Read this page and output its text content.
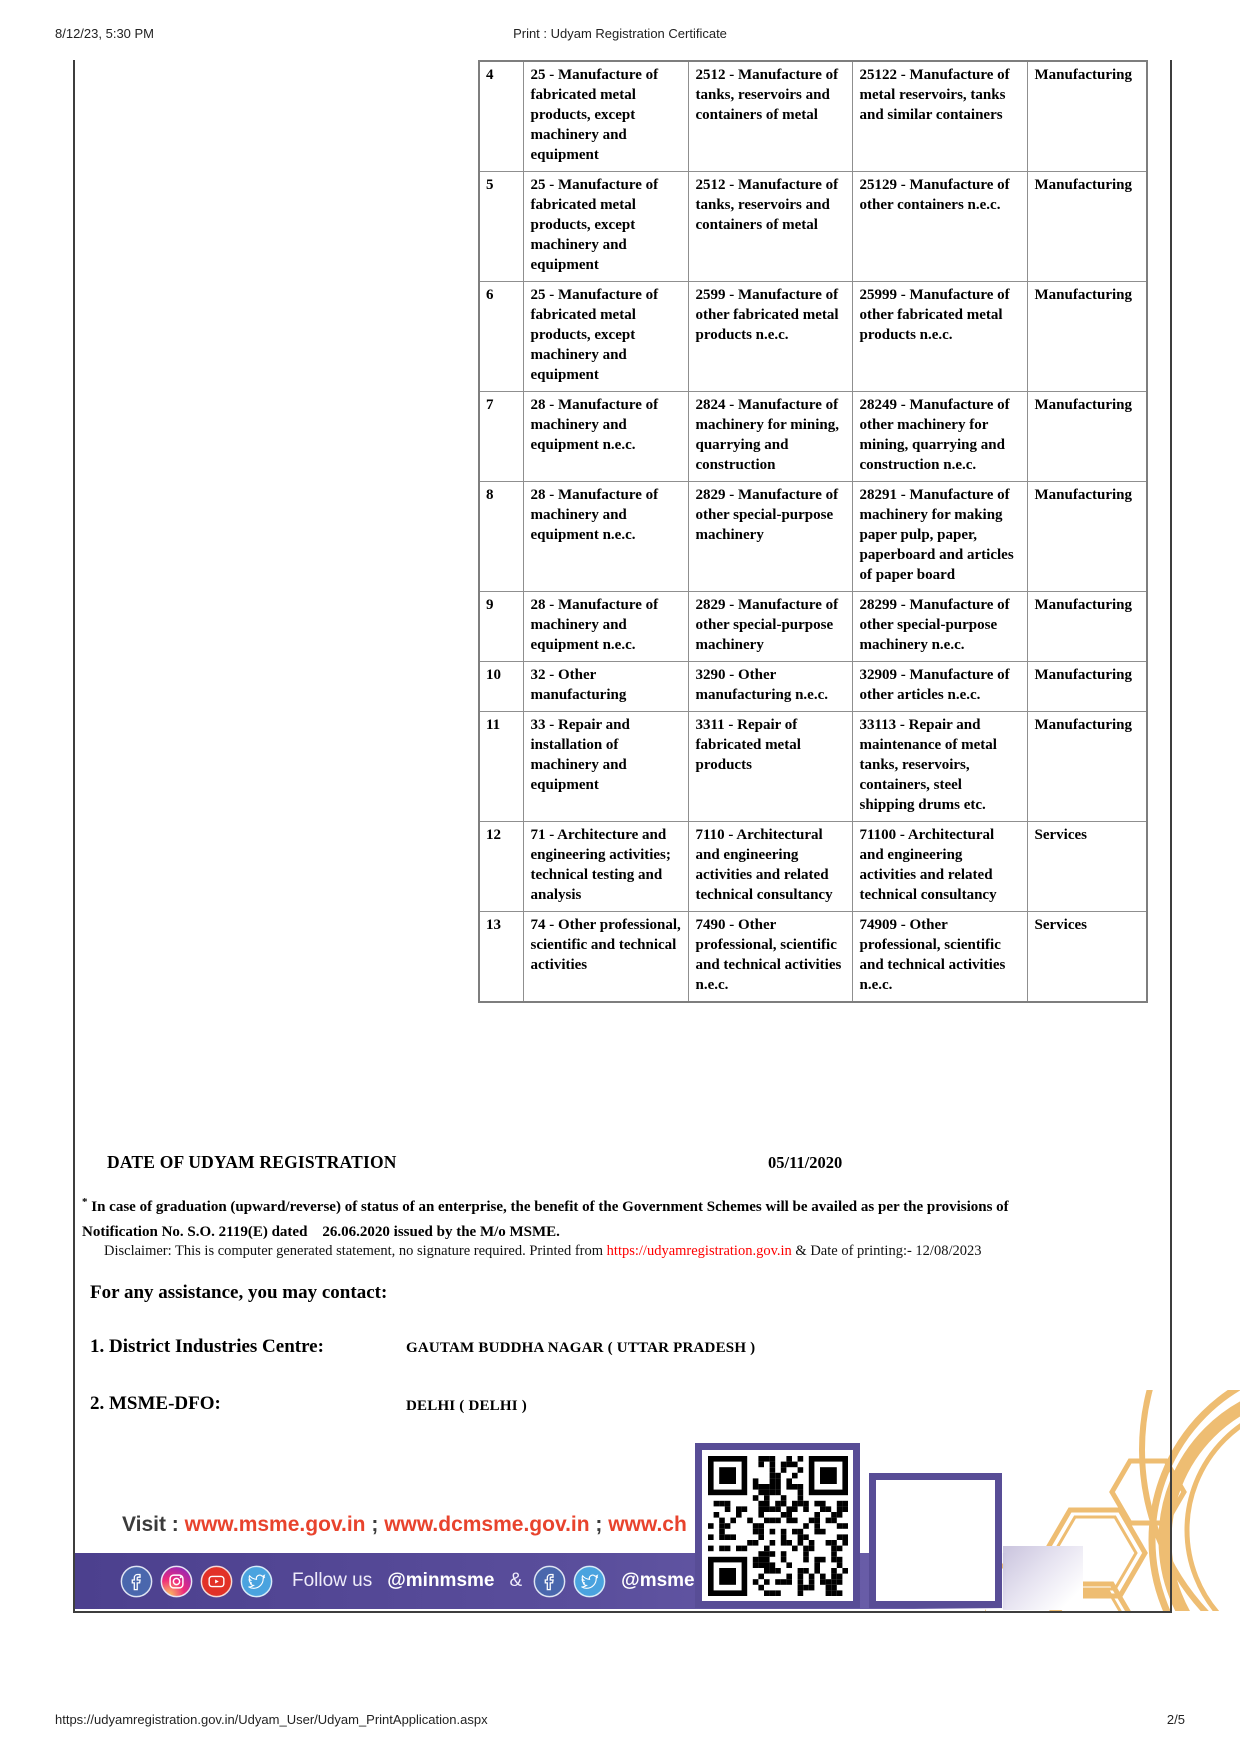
8/12/23, 5:30 PM	Print : Udyam Registration Certificate
4	25 - Manufacture of fabricated metal products, except machinery and equipment	2512 - Manufacture of tanks, reservoirs and containers of metal	25122 - Manufacture of metal reservoirs, tanks and similar containers	Manufacturing
5	25 - Manufacture of fabricated metal products, except machinery and equipment	2512 - Manufacture of tanks, reservoirs and containers of metal	25129 - Manufacture of other containers n.e.c.	Manufacturing
6	25 - Manufacture of fabricated metal products, except machinery and equipment	2599 - Manufacture of other fabricated metal products n.e.c.	25999 - Manufacture of other fabricated metal products n.e.c.	Manufacturing
7	28 - Manufacture of machinery and equipment n.e.c.	2824 - Manufacture of machinery for mining, quarrying and construction	28249 - Manufacture of other machinery for mining, quarrying and construction n.e.c.	Manufacturing
8	28 - Manufacture of machinery and equipment n.e.c.	2829 - Manufacture of other special-purpose machinery	28291 - Manufacture of machinery for making paper pulp, paper, paperboard and articles of paper board	Manufacturing
9	28 - Manufacture of machinery and equipment n.e.c.	2829 - Manufacture of other special-purpose machinery	28299 - Manufacture of other special-purpose machinery n.e.c.	Manufacturing
10	32 - Other manufacturing	3290 - Other manufacturing n.e.c.	32909 - Manufacture of other articles n.e.c.	Manufacturing
11	33 - Repair and installation of machinery and equipment	3311 - Repair of fabricated metal products	33113 - Repair and maintenance of metal tanks, reservoirs, containers, steel shipping drums etc.	Manufacturing
12	71 - Architecture and engineering activities; technical testing and analysis	7110 - Architectural and engineering activities and related technical consultancy	71100 - Architectural and engineering activities and related technical consultancy	Services
13	74 - Other professional, scientific and technical activities	7490 - Other professional, scientific and technical activities n.e.c.	74909 - Other professional, scientific and technical activities n.e.c.	Services
DATE OF UDYAM REGISTRATION	05/11/2020
* In case of graduation (upward/reverse) of status of an enterprise, the benefit of the Government Schemes will be availed as per the provisions of Notification No. S.O. 2119(E) dated    26.06.2020 issued by the M/o MSME.
Disclaimer: This is computer generated statement, no signature required. Printed from https://udyamregistration.gov.in & Date of printing:- 12/08/2023
For any assistance, you may contact:
1. District Industries Centre:	GAUTAM BUDDHA NAGAR ( UTTAR PRADESH )
2. MSME-DFO:	DELHI ( DELHI )
Visit : www.msme.gov.in ; www.dcmsme.gov.in ; www.ch
Follow us @minmsme &	@msme
https://udyamregistration.gov.in/Udyam_User/Udyam_PrintApplication.aspx	2/5
